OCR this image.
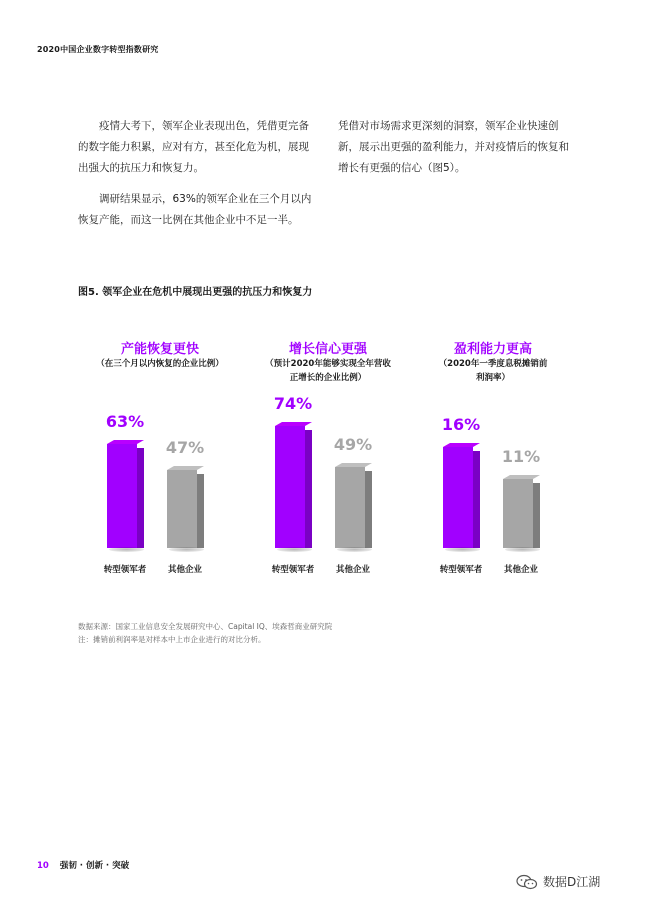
2020中国企业数字转型指数研究

疫情大考下，领军企业表现出色，凭借更完备的数字能力积累，应对有方，甚至化危为机，展现出强大的抗压力和恢复力。

调研结果显示，63%的领军企业在三个月以内恢复产能，而这一比例在其他企业中不足一半。

凭借对市场需求更深刻的洞察，领军企业快速创新，展示出更强的盈利能力，并对疫情后的恢复和增长有更强的信心（图5）。

图5. 领军企业在危机中展现出更强的抗压力和恢复力
产能恢复更快
（在三个月以内恢复的企业比例）
63%
47%
转型领军者	其他企业
增长信心更强
（预计2020年能够实现全年营收
正增长的企业比例）
74%
49%
转型领军者	其他企业
盈利能力更高
（2020年一季度息税摊销前
利润率）
16%
11%
转型领军者	其他企业
数据来源：国家工业信息安全发展研究中心、Capital IQ、埃森哲商业研究院
注：摊销前利润率是对样本中上市企业进行的对比分析。
10 强韧 · 创新 · 突破
数据D江湖
